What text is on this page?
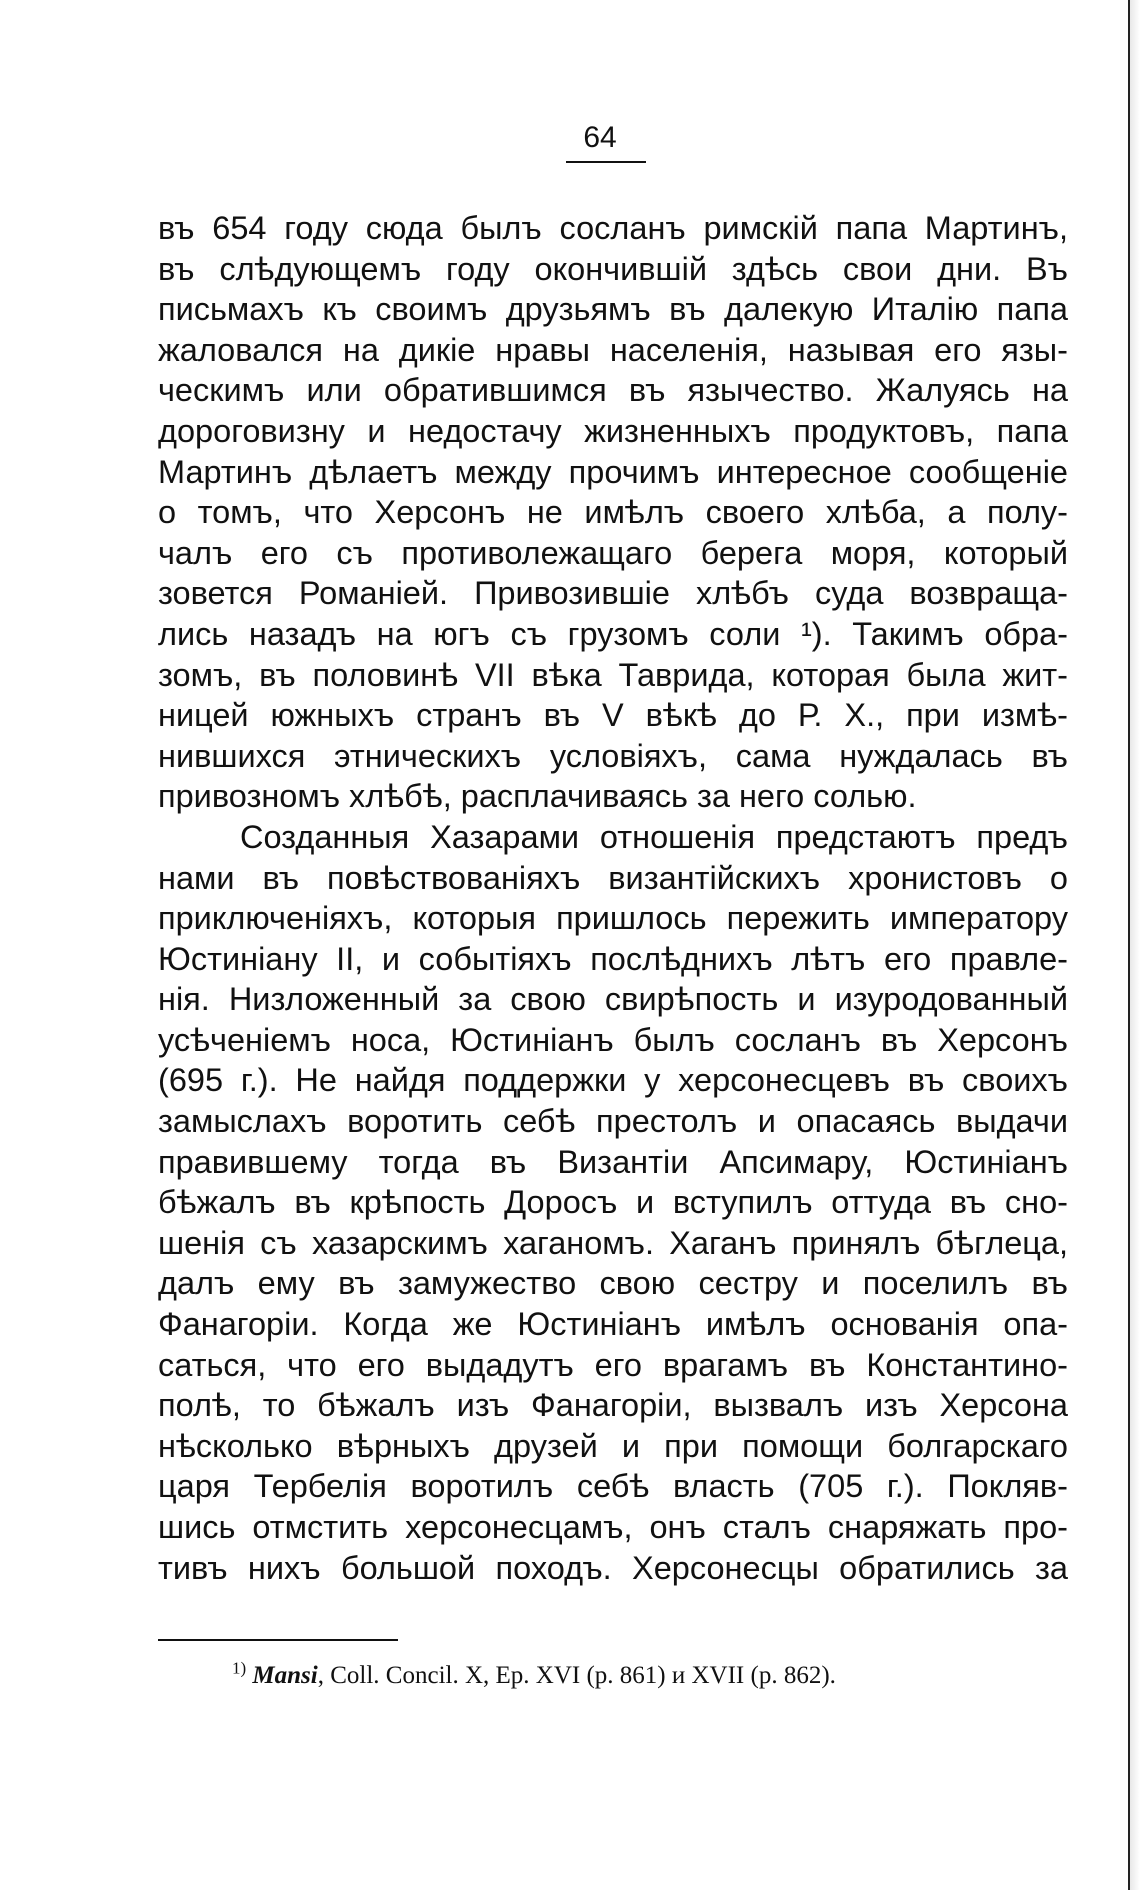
64
въ 654 году сюда былъ сосланъ римскій папа Мартинъ,
въ слѣдующемъ году окончившій здѣсь свои дни. Въ
письмахъ къ своимъ друзьямъ въ далекую Италію папа
жаловался на дикіе нравы населенія, называя его язы-
ческимъ или обратившимся въ язычество. Жалуясь на
дороговизну и недостачу жизненныхъ продуктовъ, папа
Мартинъ дѣлаетъ между прочимъ интересное сообщеніе
о томъ, что Херсонъ не имѣлъ своего хлѣба, а полу-
чалъ его съ противолежащаго берега моря, который
зовется Романіей. Привозившіе хлѣбъ суда возвраща-
лись назадъ на югъ съ грузомъ соли ¹). Такимъ обра-
зомъ, въ половинѣ VII вѣка Таврида, которая была жит-
ницей южныхъ странъ въ V вѣкѣ до Р. Х., при измѣ-
нившихся этническихъ условіяхъ, сама нуждалась въ
привозномъ хлѣбѣ, расплачиваясь за него солью.
Созданныя Хазарами отношенія предстаютъ предъ
нами въ повѣствованіяхъ византійскихъ хронистовъ о
приключеніяхъ, которыя пришлось пережить императору
Юстиніану II, и событіяхъ послѣднихъ лѣтъ его правле-
нія. Низложенный за свою свирѣпость и изуродованный
усѣченіемъ носа, Юстиніанъ былъ сосланъ въ Херсонъ
(695 г.). Не найдя поддержки у херсонесцевъ въ своихъ
замыслахъ воротить себѣ престолъ и опасаясь выдачи
правившему тогда въ Византіи Апсимару, Юстиніанъ
бѣжалъ въ крѣпость Доросъ и вступилъ оттуда въ сно-
шенія съ хазарскимъ хаганомъ. Хаганъ принялъ бѣглеца,
далъ ему въ замужество свою сестру и поселилъ въ
Фанагоріи. Когда же Юстиніанъ имѣлъ основанія опа-
саться, что его выдадутъ его врагамъ въ Константино-
полѣ, то бѣжалъ изъ Фанагоріи, вызвалъ изъ Херсона
нѣсколько вѣрныхъ друзей и при помощи болгарскаго
царя Тербелія воротилъ себѣ власть (705 г.). Покляв-
шись отмстить херсонесцамъ, онъ сталъ снаряжать про-
тивъ нихъ большой походъ. Херсонесцы обратились за
$^{1)}$ Mansi, Coll. Concil. X, Ep. XVI (p. 861) и XVII (p. 862).
